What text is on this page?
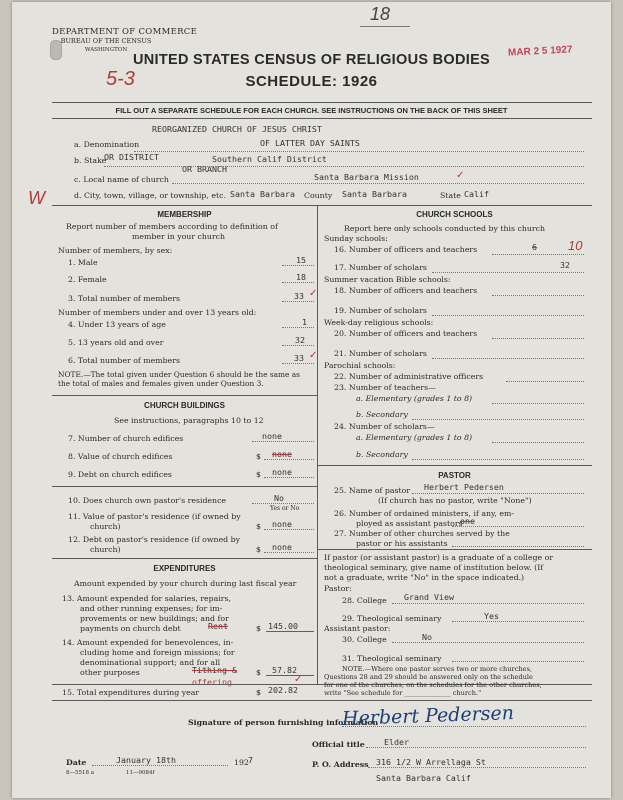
DEPARTMENT OF COMMERCE
BUREAU OF THE CENSUS
WASHINGTON
18
MAR 2 5 1927
UNITED STATES CENSUS OF RELIGIOUS BODIES
SCHEDULE: 1926
5-3
FILL OUT A SEPARATE SCHEDULE FOR EACH CHURCH. SEE INSTRUCTIONS ON THE BACK OF THIS SHEET
a. Denomination
REORGANIZED CHURCH OF JESUS CHRIST
OF LATTER DAY SAINTS
b. Stake
OR DISTRICT
OR BRANCH
Southern Calif District
c. Local name of church	Santa Barbara Mission	✓
W	d. City, town, village, or township, etc. Santa Barbara County Santa Barbara	State Calif
MEMBERSHIP
Report number of members according to definition of
member in your church
Number of members, by sex:
1. Male	15
2. Female	18
3. Total number of members	33 ✓
Number of members under and over 13 years old:
4. Under 13 years of age	1
5. 13 years old and over	32
6. Total number of members	33 ✓
NOTE.—The total given under Question 6 should be the same as the total of males and females given under Question 3.
CHURCH BUILDINGS
See instructions, paragraphs 10 to 12
7. Number of church edifices	none
8. Value of church edifices	$ none
9. Debt on church edifices	$ none
10. Does church own pastor's residence	No
Yes or No
11. Value of pastor's residence (if owned by
church)	$ none
12. Debt on pastor's residence (if owned by
church)	$ none
EXPENDITURES
Amount expended by your church during last fiscal year
13. Amount expended for salaries, repairs,
and other running expenses; for im-
provements or new buildings; and for
payments on church debt	Rent	$ 145.00
14. Amount expended for benevolences, in-
cluding home and foreign missions; for
denominational support; and for all
other purposes	Tithing &
offering
$ 57.82
15. Total expenditures during year	$ 202.82
✓
CHURCH SCHOOLS
Report here only schools conducted by this church
Sunday schools:
16. Number of officers and teachers	6 10
17. Number of scholars	32
Summer vacation Bible schools:
18. Number of officers and teachers
19. Number of scholars
Week-day religious schools:
20. Number of officers and teachers
21. Number of scholars
Parochial schools:
22. Number of administrative officers
23. Number of teachers—
a. Elementary (grades 1 to 8)
b. Secondary
24. Number of scholars—
a. Elementary (grades 1 to 8)
b. Secondary
PASTOR
25. Name of pastor Herbert Pedersen
(If church has no pastor, write "None")
26. Number of ordained ministers, if any, em-
ployed as assistant pastors
one
27. Number of other churches served by the
pastor or his assistants
If pastor (or assistant pastor) is a graduate of a college or
theological seminary, give name of institution below. (If
not a graduate, write "No" in the space indicated.)
Pastor:
28. College Grand View
29. Theological seminary	Yes
Assistant pastor:
30. College	No
31. Theological seminary
NOTE.—Where one pastor serves two or more churches,
Questions 28 and 29 should be answered only on the schedule
for one of the churches; on the schedules for the other churches,
write "See schedule for ______________ church."
Signature of person furnishing information
Herbert Pedersen
Official title Elder
Date	January 18th	192 7
8—5518 a	11—9084f
P. O. Address 316 1/2 W Arrellaga St
Santa Barbara Calif
